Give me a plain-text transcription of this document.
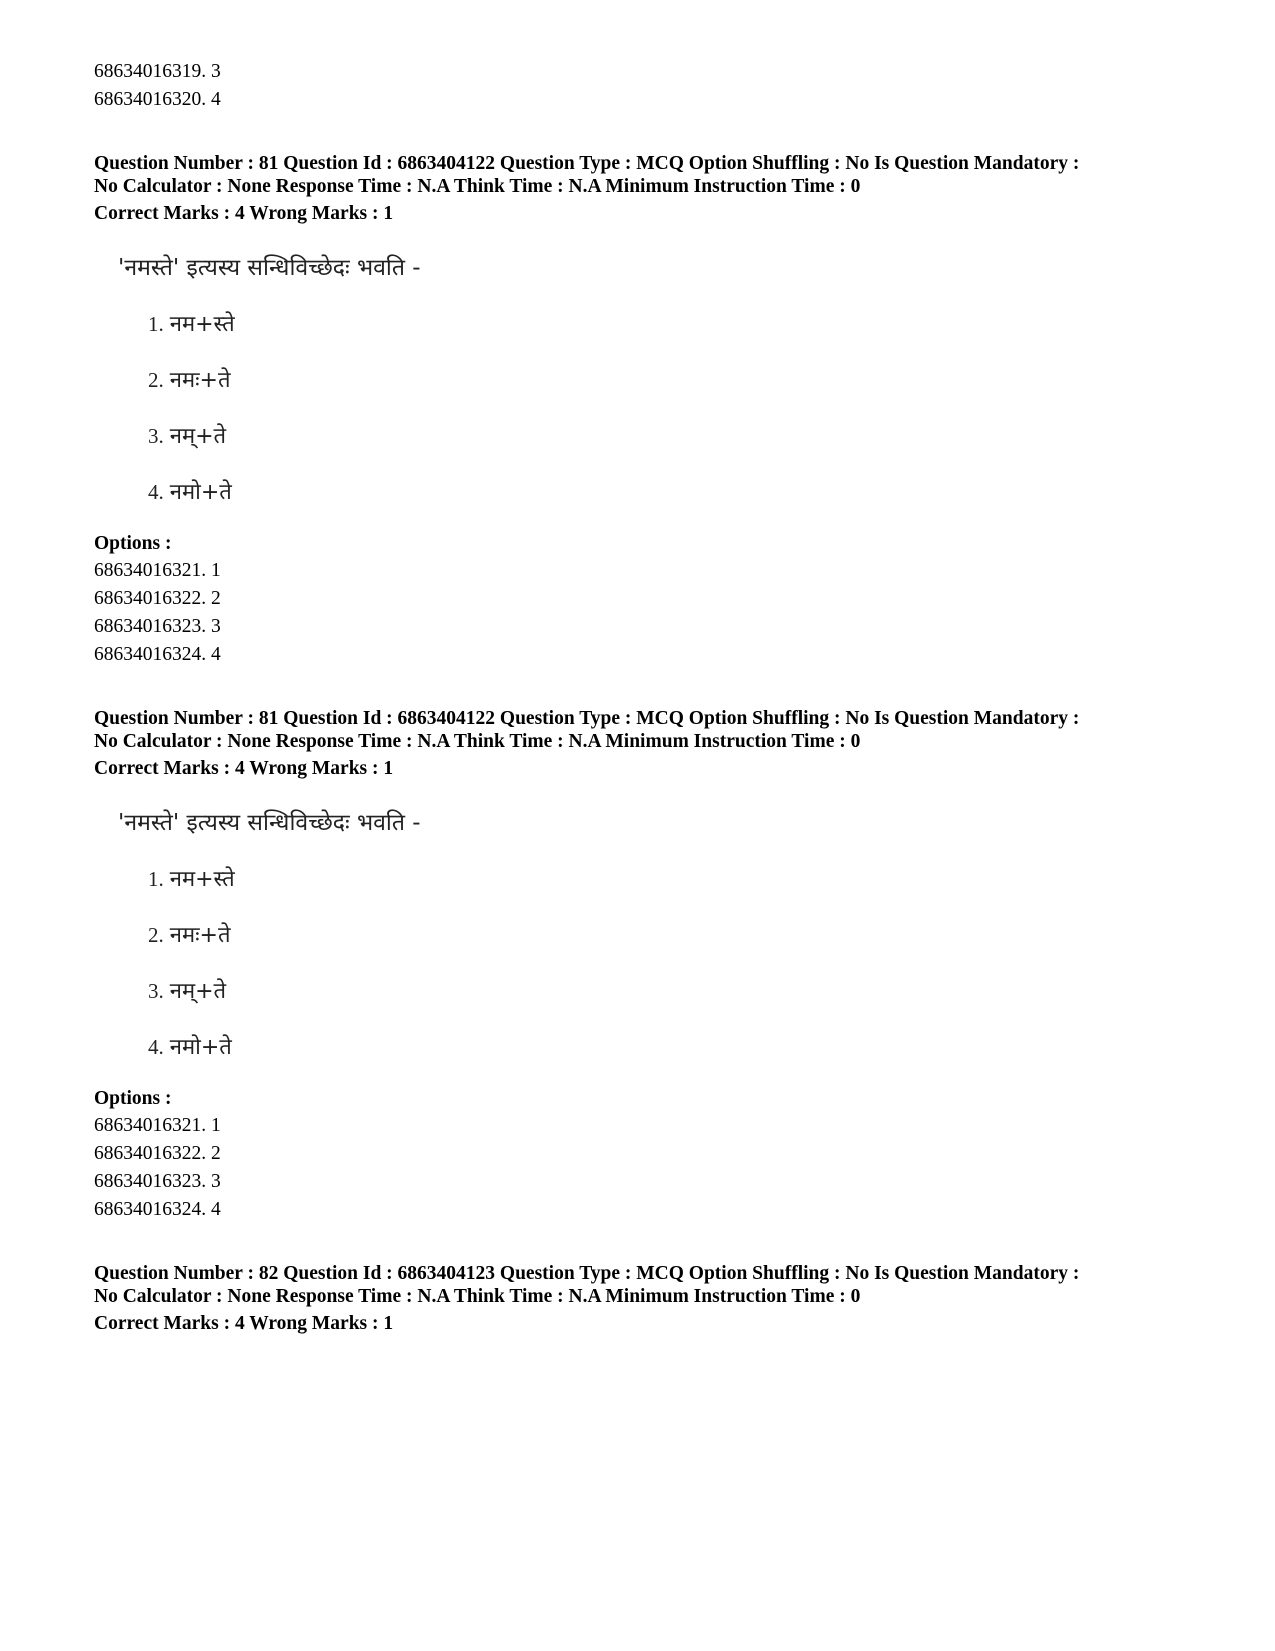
68634016319. 3
68634016320. 4
Question Number : 81 Question Id : 6863404122 Question Type : MCQ Option Shuffling : No Is Question Mandatory :
No Calculator : None Response Time : N.A Think Time : N.A Minimum Instruction Time : 0
Correct Marks : 4 Wrong Marks : 1
'नमस्ते' इत्यस्य सन्धिविच्छेदः भवति -
1. नम+स्ते
2. नमः+ते
3. नम्+ते
4. नमो+ते
Options :
68634016321. 1
68634016322. 2
68634016323. 3
68634016324. 4
Question Number : 81 Question Id : 6863404122 Question Type : MCQ Option Shuffling : No Is Question Mandatory :
No Calculator : None Response Time : N.A Think Time : N.A Minimum Instruction Time : 0
Correct Marks : 4 Wrong Marks : 1
'नमस्ते' इत्यस्य सन्धिविच्छेदः भवति -
1. नम+स्ते
2. नमः+ते
3. नम्+ते
4. नमो+ते
Options :
68634016321. 1
68634016322. 2
68634016323. 3
68634016324. 4
Question Number : 82 Question Id : 6863404123 Question Type : MCQ Option Shuffling : No Is Question Mandatory :
No Calculator : None Response Time : N.A Think Time : N.A Minimum Instruction Time : 0
Correct Marks : 4 Wrong Marks : 1
